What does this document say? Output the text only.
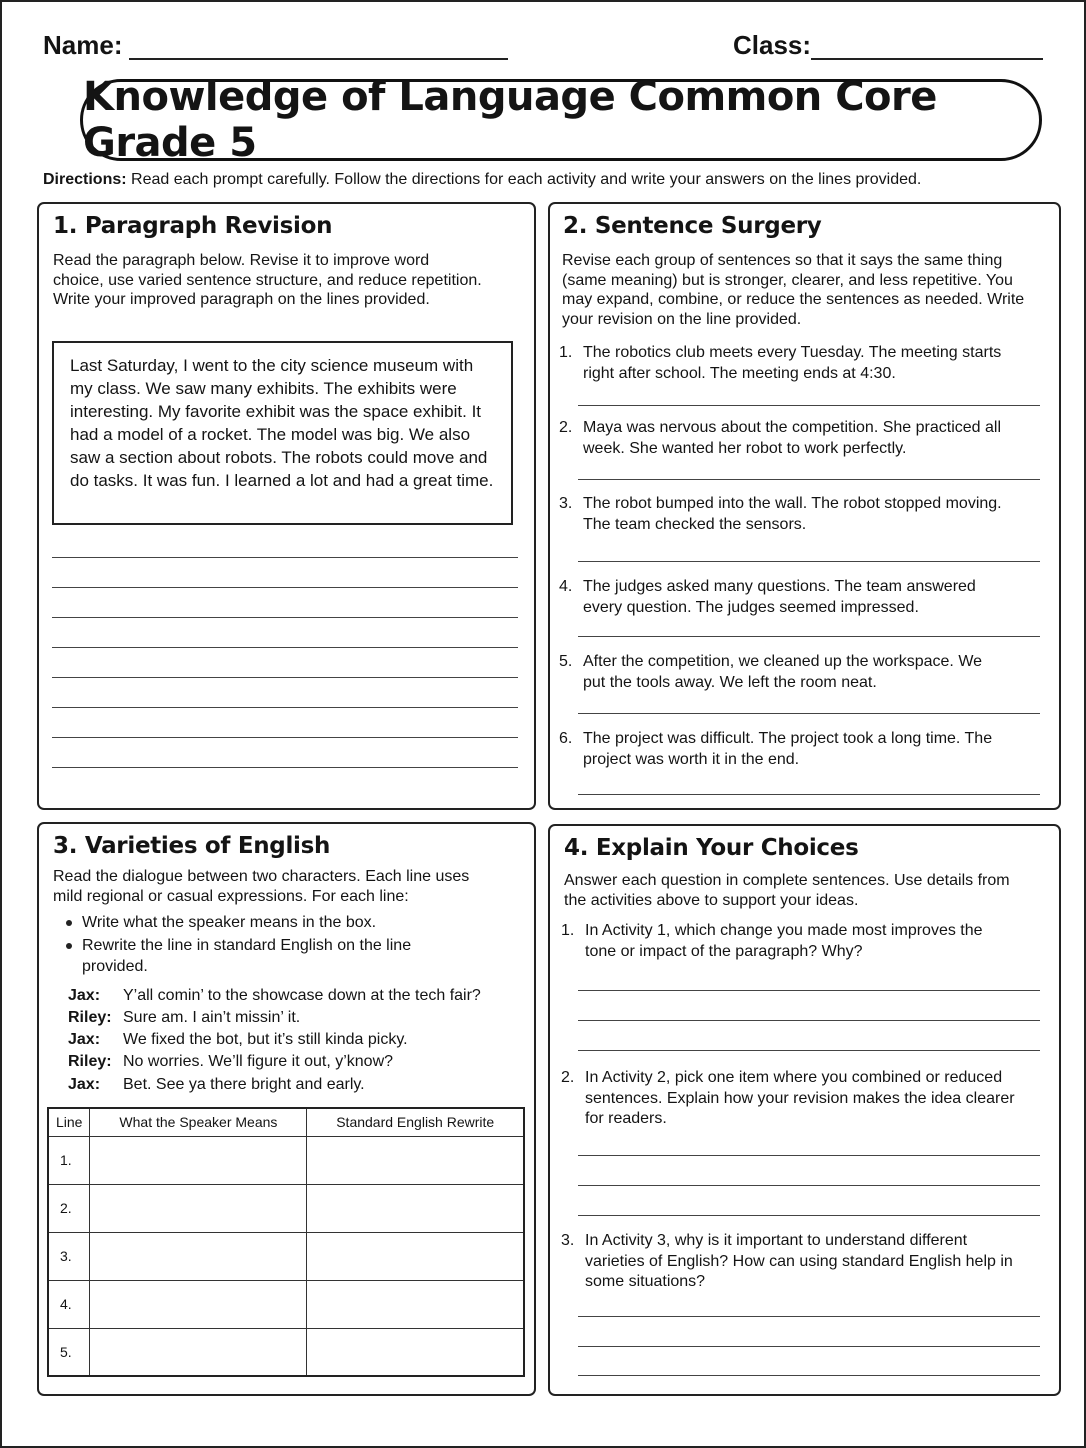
Name:	Class:
Knowledge of Language Common Core Grade 5
Directions: Read each prompt carefully. Follow the directions for each activity and write your answers on the lines provided.
1. Paragraph Revision
Read the paragraph below. Revise it to improve word choice, use varied sentence structure, and reduce repetition. Write your improved paragraph on the lines provided.
Last Saturday, I went to the city science museum with my class. We saw many exhibits. The exhibits were interesting. My favorite exhibit was the space exhibit. It had a model of a rocket. The model was big. We also saw a section about robots. The robots could move and do tasks. It was fun. I learned a lot and had a great time.
2. Sentence Surgery
Revise each group of sentences so that it says the same thing (same meaning) but is stronger, clearer, and less repetitive. You may expand, combine, or reduce the sentences as needed. Write your revision on the line provided.
1. The robotics club meets every Tuesday. The meeting starts right after school. The meeting ends at 4:30.
2. Maya was nervous about the competition. She practiced all week. She wanted her robot to work perfectly.
3. The robot bumped into the wall. The robot stopped moving. The team checked the sensors.
4. The judges asked many questions. The team answered every question. The judges seemed impressed.
5. After the competition, we cleaned up the workspace. We put the tools away. We left the room neat.
6. The project was difficult. The project took a long time. The project was worth it in the end.
3. Varieties of English
Read the dialogue between two characters. Each line uses mild regional or casual expressions. For each line:
Write what the speaker means in the box.
Rewrite the line in standard English on the line provided.
Jax: Y’all comin’ to the showcase down at the tech fair?
Riley: Sure am. I ain’t missin’ it.
Jax: We fixed the bot, but it’s still kinda picky.
Riley: No worries. We’ll figure it out, y’know?
Jax: Bet. See ya there bright and early.
Line	What the Speaker Means	Standard English Rewrite
1.		
2.		
3.		
4.		
5.		
4. Explain Your Choices
Answer each question in complete sentences. Use details from the activities above to support your ideas.
1. In Activity 1, which change you made most improves the tone or impact of the paragraph? Why?
2. In Activity 2, pick one item where you combined or reduced sentences. Explain how your revision makes the idea clearer for readers.
3. In Activity 3, why is it important to understand different varieties of English? How can using standard English help in some situations?
